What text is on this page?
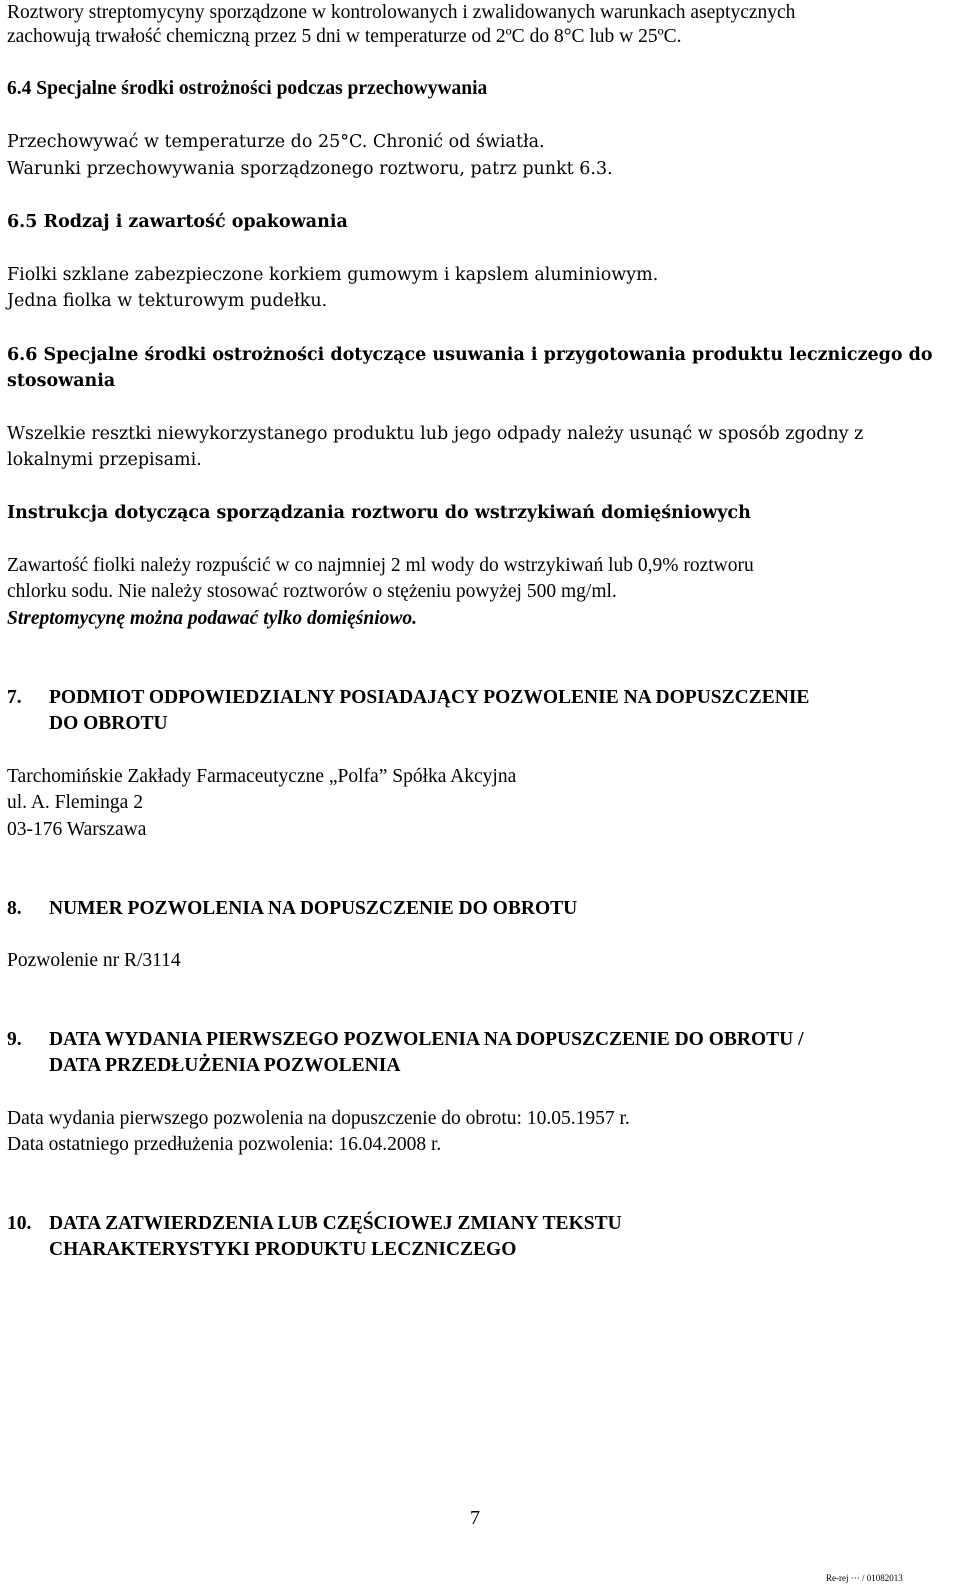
Roztwory streptomycyny sporządzone w kontrolowanych i zwalidowanych warunkach aseptycznych
zachowują trwałość chemiczną przez 5 dni w temperaturze od 2ºC do 8°C lub w 25ºC.
6.4 Specjalne środki ostrożności podczas przechowywania
Przechowywać w temperaturze do 25°C. Chronić od światła.
Warunki przechowywania sporządzonego roztworu, patrz punkt 6.3.
6.5 Rodzaj i zawartość opakowania
Fiolki szklane zabezpieczone korkiem gumowym i kapslem aluminiowym.
Jedna fiolka w tekturowym pudełku.
6.6 Specjalne środki ostrożności dotyczące usuwania i przygotowania produktu leczniczego do
stosowania
Wszelkie resztki niewykorzystanego produktu lub jego odpady należy usunąć w sposób zgodny z
lokalnymi przepisami.
Instrukcja dotycząca sporządzania roztworu do wstrzykiwań domięśniowych
Zawartość fiolki należy rozpuścić w co najmniej 2 ml wody do wstrzykiwań lub 0,9% roztworu
chlorku sodu. Nie należy stosować roztworów o stężeniu powyżej 500 mg/ml.
Streptomycynę można podawać tylko domięśniowo.
7. PODMIOT ODPOWIEDZIALNY POSIADAJĄCY POZWOLENIE NA DOPUSZCZENIE
DO OBROTU
Tarchomińskie Zakłady Farmaceutyczne „Polfa” Spółka Akcyjna
ul. A. Fleminga 2
03-176 Warszawa
8. NUMER POZWOLENIA NA DOPUSZCZENIE DO OBROTU
Pozwolenie nr R/3114
9. DATA WYDANIA PIERWSZEGO POZWOLENIA NA DOPUSZCZENIE DO OBROTU /
DATA PRZEDŁUŻENIA POZWOLENIA
Data wydania pierwszego pozwolenia na dopuszczenie do obrotu: 10.05.1957 r.
Data ostatniego przedłużenia pozwolenia: 16.04.2008 r.
10. DATA ZATWIERDZENIA LUB CZĘŚCIOWEJ ZMIANY TEKSTU
CHARAKTERYSTYKI PRODUKTU LECZNICZEGO
7
Re-rej ··· / 01082013
